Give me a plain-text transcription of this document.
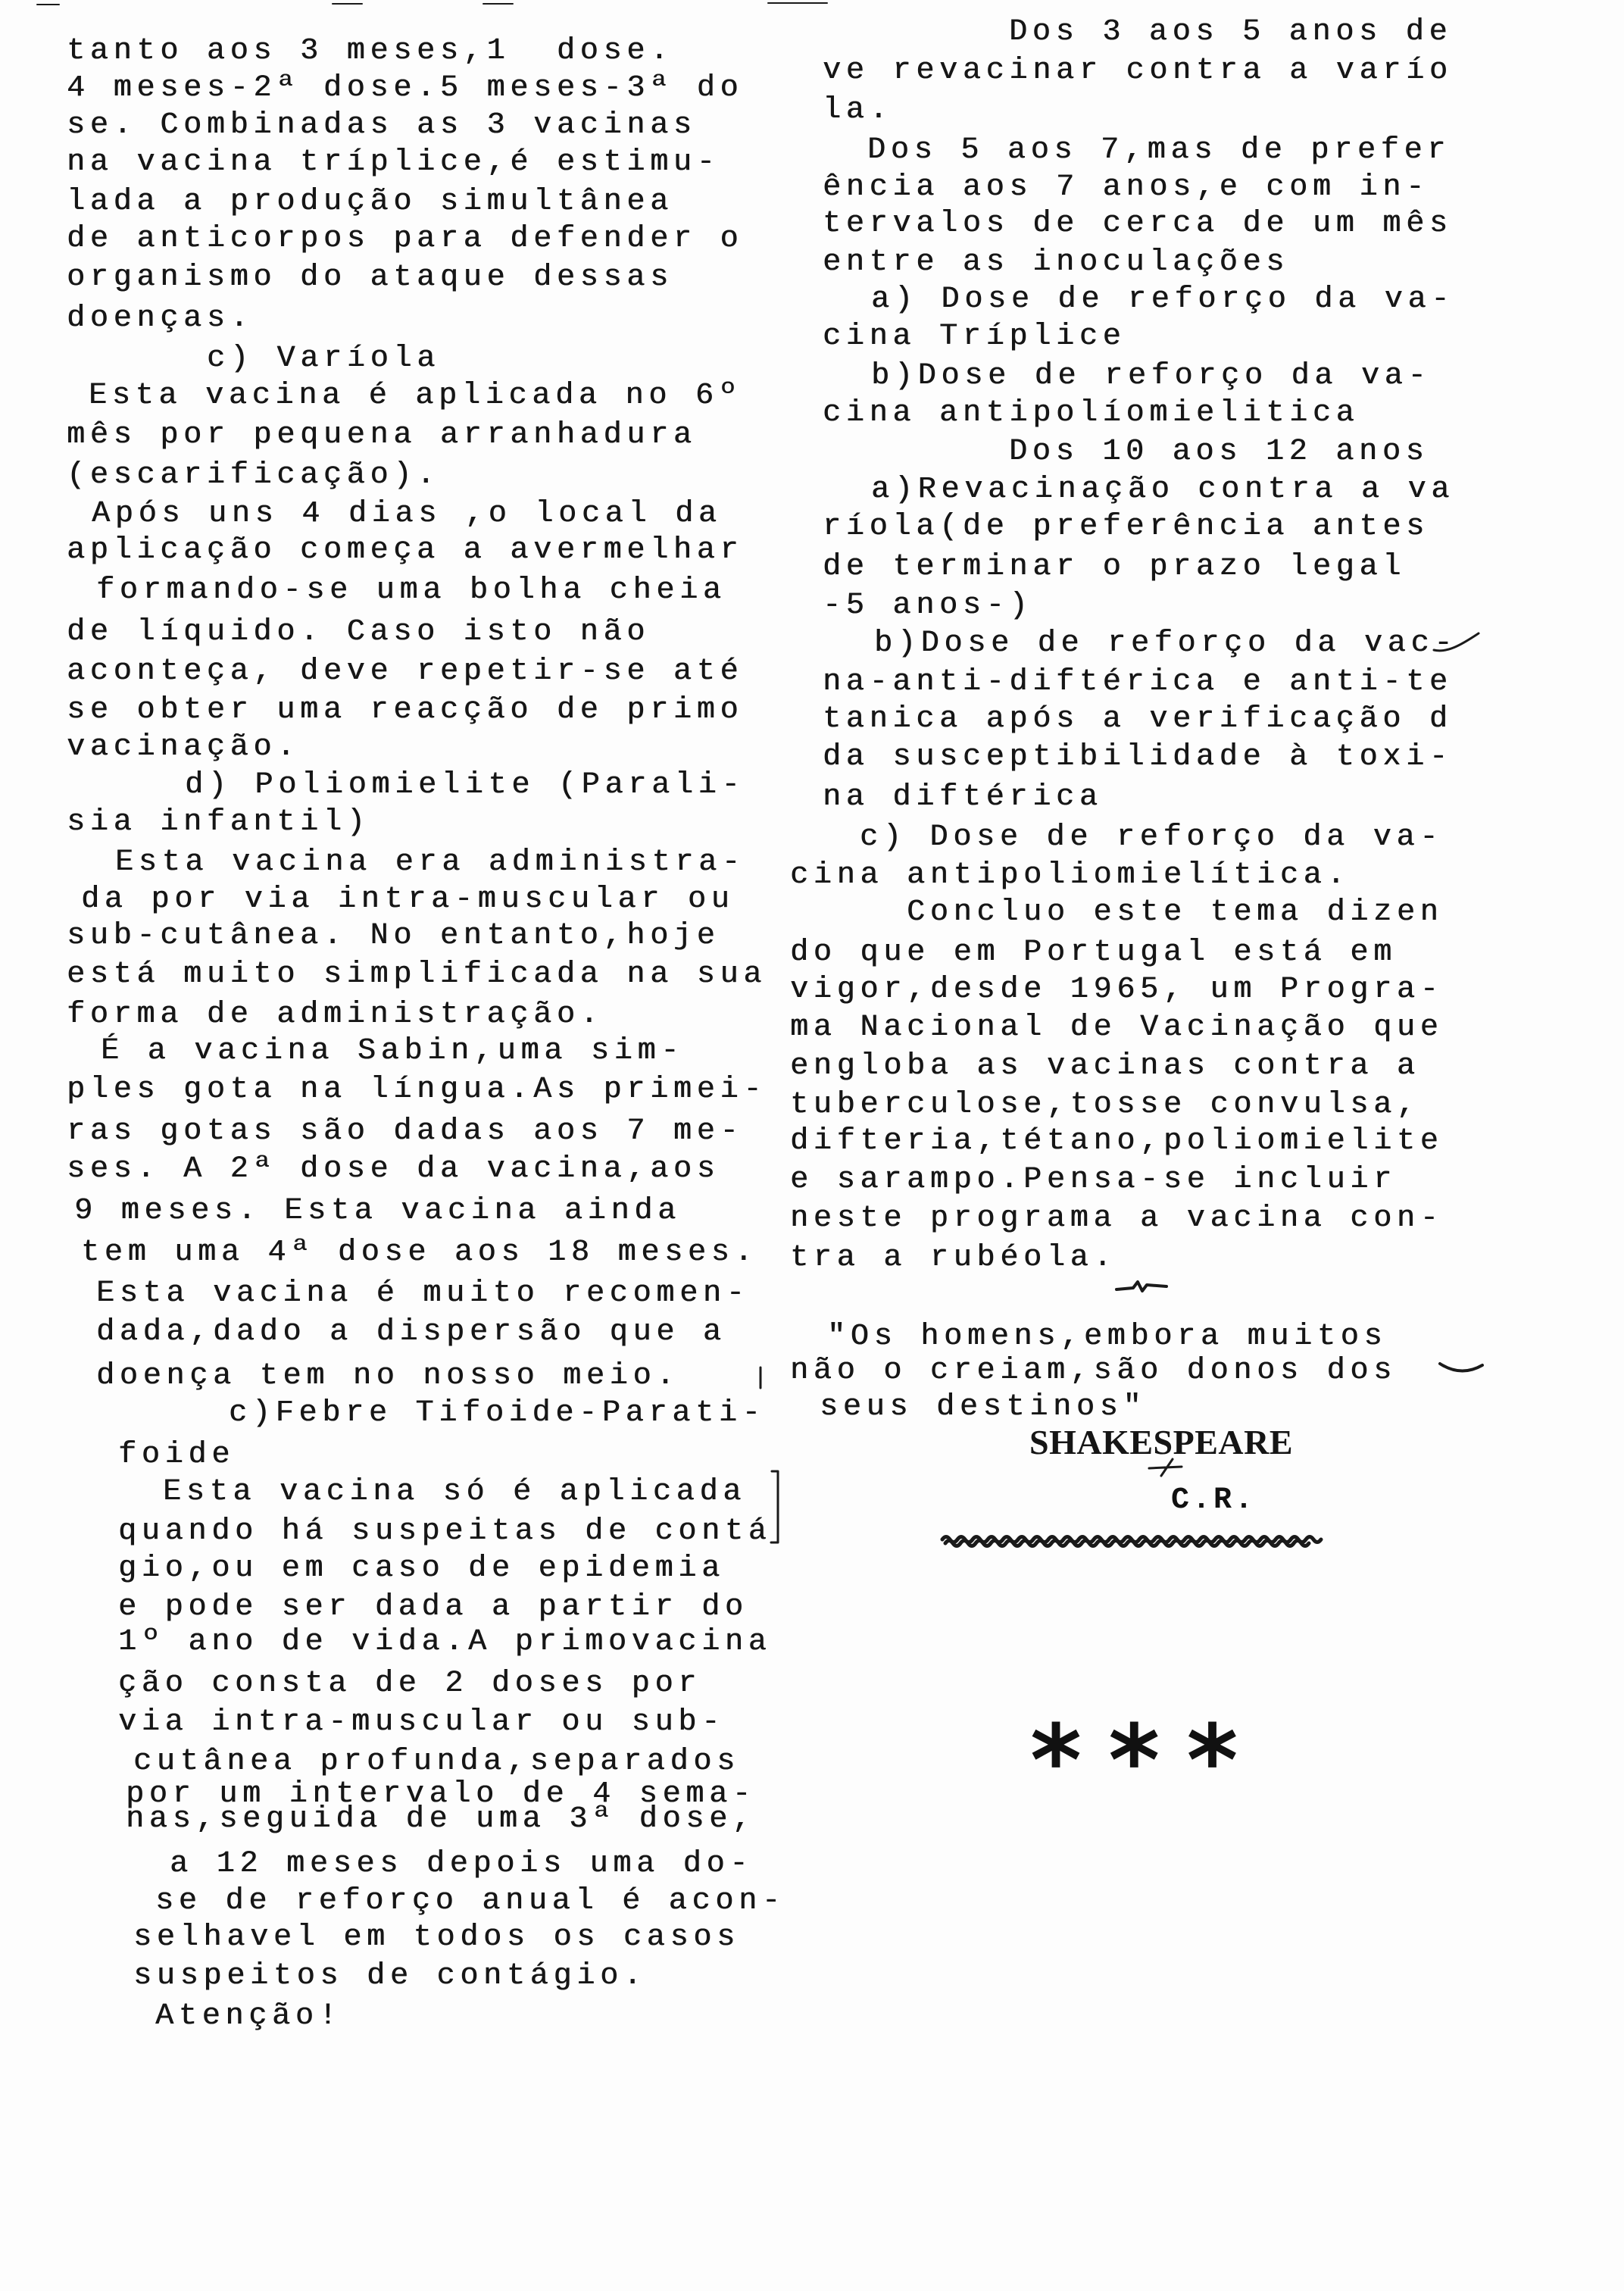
tanto aos 3 meses,1  dose.
4 meses-2ª dose.5 meses-3ª do
se. Combinadas as 3 vacinas
na vacina tríplice,é estimu-
lada a produção simultânea
de anticorpos para defender o
organismo do ataque dessas
doenças.
c) Varíola
Esta vacina é aplicada no 6º
mês por pequena arranhadura
(escarificação).
Após uns 4 dias ,o local da
aplicação começa a avermelhar
formando-se uma bolha cheia
de líquido. Caso isto não
aconteça, deve repetir-se até
se obter uma reacção de primo
vacinação.
d) Poliomielite (Parali-
sia infantil)
Esta vacina era administra-
da por via intra-muscular ou
sub-cutânea. No entanto,hoje
está muito simplificada na sua
forma de administração.
É a vacina Sabin,uma sim-
ples gota na língua.As primei-
ras gotas são dadas aos 7 me-
ses. A 2ª dose da vacina,aos
9 meses. Esta vacina ainda
tem uma 4ª dose aos 18 meses.
Esta vacina é muito recomen-
dada,dado a dispersão que a
doença tem no nosso meio.
c)Febre Tifoide-Parati-
foide
Esta vacina só é aplicada
quando há suspeitas de contá
gio,ou em caso de epidemia
e pode ser dada a partir do
1º ano de vida.A primovacina
ção consta de 2 doses por
via intra-muscular ou sub-
cutânea profunda,separados
por um intervalo de 4 sema-
nas,seguida de uma 3ª dose,
a 12 meses depois uma do-
se de reforço anual é acon-
selhavel em todos os casos
suspeitos de contágio.
Atenção!
Dos 3 aos 5 anos de
ve revacinar contra a varío
la.
Dos 5 aos 7,mas de prefer
ência aos 7 anos,e com in-
tervalos de cerca de um mês
entre as inoculações
a) Dose de reforço da va-
cina Tríplice
b)Dose de reforço da va-
cina antipolíomielitica
Dos 10 aos 12 anos
a)Revacinação contra a va
ríola(de preferência antes
de terminar o prazo legal
-5 anos-)
b)Dose de reforço da vac-
na-anti-diftérica e anti-te
tanica após a verificação d
da susceptibilidade à toxi-
na diftérica
c) Dose de reforço da va-
cina antipoliomielítica.
Concluo este tema dizen
do que em Portugal está em
vigor,desde 1965, um Progra-
ma Nacional de Vacinação que
engloba as vacinas contra a
tuberculose,tosse convulsa,
difteria,tétano,poliomielite
e sarampo.Pensa-se incluir
neste programa a vacina con-
tra a rubéola.
"Os homens,embora muitos
não o creiam,são donos dos
seus destinos"
SHAKESPEARE
C.R.
* * *
